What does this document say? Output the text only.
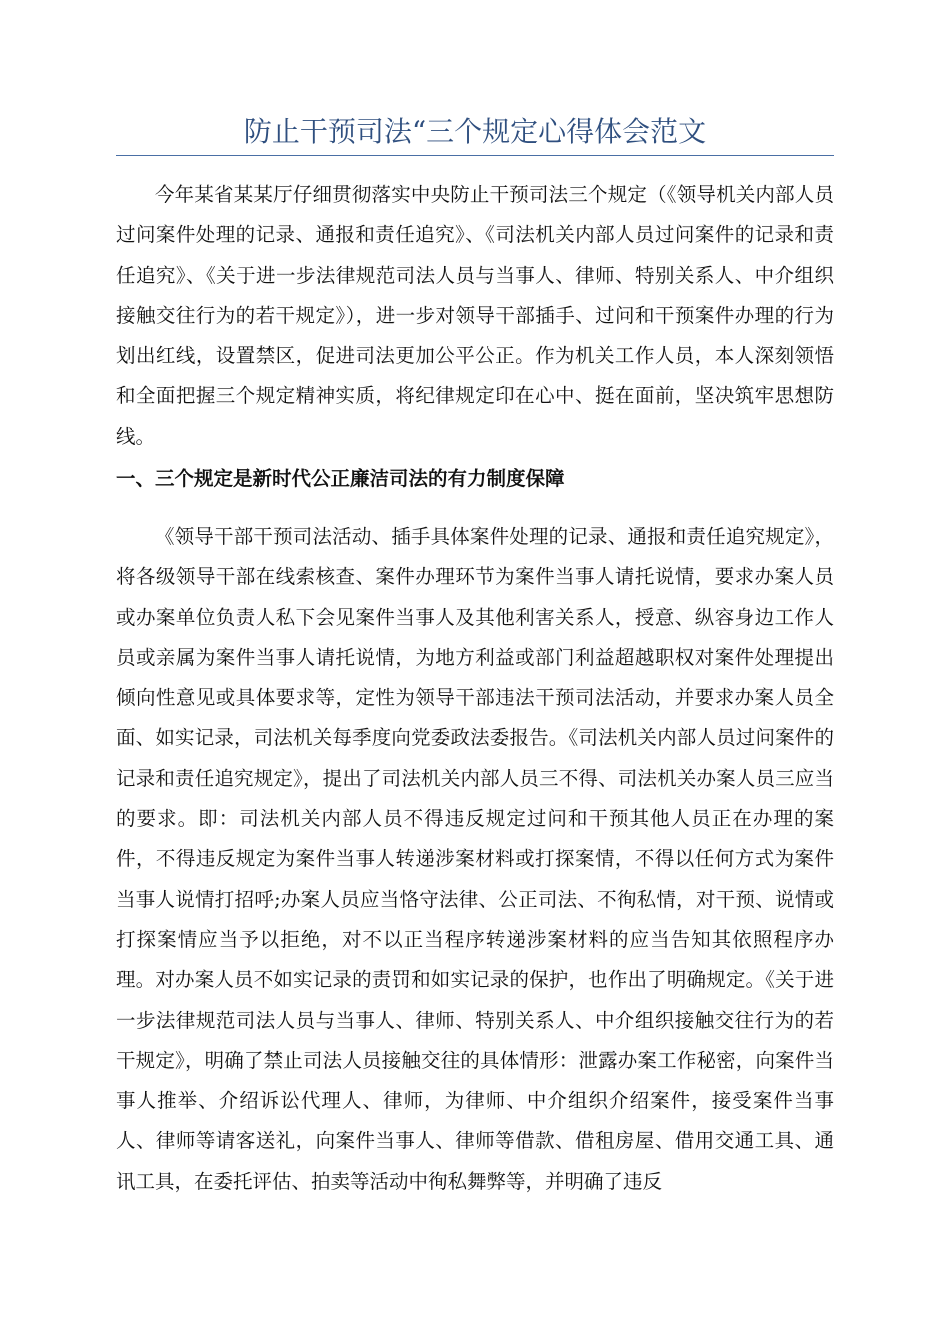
防止干预司法“三个规定心得体会范文

今年某省某某厅仔细贯彻落实中央防止干预司法三个规定（《领导机关内部人员过问案件处理的记录、通报和责任追究》、《司法机关内部人员过问案件的记录和责任追究》、《关于进一步法律规范司法人员与当事人、律师、特别关系人、中介组织接触交往行为的若干规定》），进一步对领导干部插手、过问和干预案件办理的行为划出红线，设置禁区，促进司法更加公平公正。作为机关工作人员，本人深刻领悟和全面把握三个规定精神实质，将纪律规定印在心中、挺在面前，坚决筑牢思想防线。

一、三个规定是新时代公正廉洁司法的有力制度保障

《领导干部干预司法活动、插手具体案件处理的记录、通报和责任追究规定》，将各级领导干部在线索核查、案件办理环节为案件当事人请托说情，要求办案人员或办案单位负责人私下会见案件当事人及其他利害关系人，授意、纵容身边工作人员或亲属为案件当事人请托说情，为地方利益或部门利益超越职权对案件处理提出倾向性意见或具体要求等，定性为领导干部违法干预司法活动，并要求办案人员全面、如实记录，司法机关每季度向党委政法委报告。《司法机关内部人员过问案件的记录和责任追究规定》，提出了司法机关内部人员三不得、司法机关办案人员三应当的要求。即：司法机关内部人员不得违反规定过问和干预其他人员正在办理的案件，不得违反规定为案件当事人转递涉案材料或打探案情，不得以任何方式为案件当事人说情打招呼;办案人员应当恪守法律、公正司法、不徇私情，对干预、说情或打探案情应当予以拒绝，对不以正当程序转递涉案材料的应当告知其依照程序办理。对办案人员不如实记录的责罚和如实记录的保护，也作出了明确规定。《关于进一步法律规范司法人员与当事人、律师、特别关系人、中介组织接触交往行为的若干规定》，明确了禁止司法人员接触交往的具体情形：泄露办案工作秘密，向案件当事人推举、介绍诉讼代理人、律师，为律师、中介组织介绍案件，接受案件当事人、律师等请客送礼，向案件当事人、律师等借款、借租房屋、借用交通工具、通讯工具，在委托评估、拍卖等活动中徇私舞弊等，并明确了违反
